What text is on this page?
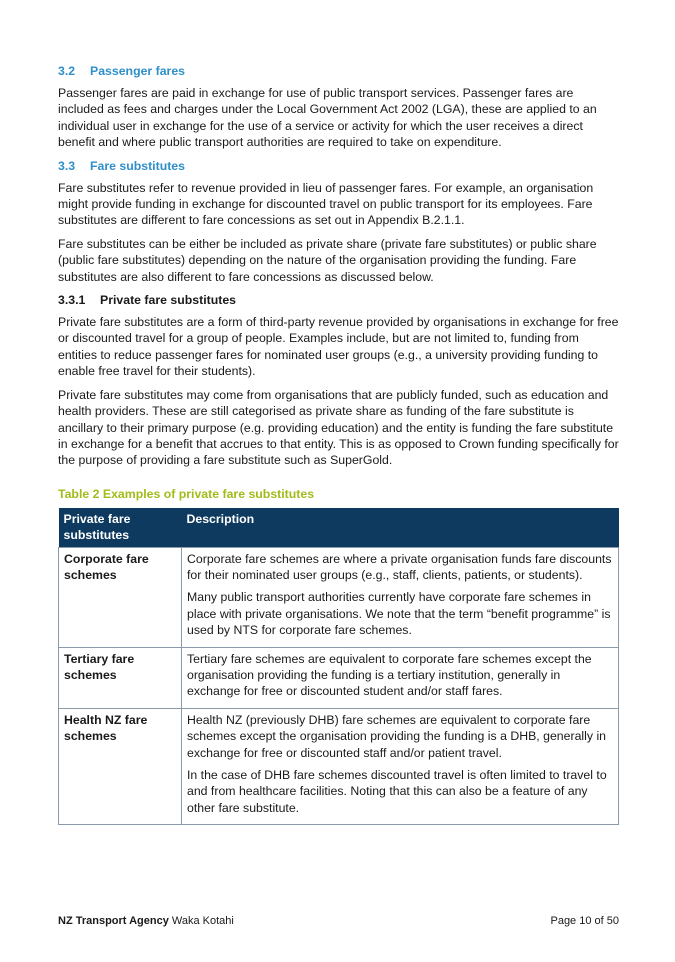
3.2 Passenger fares

Passenger fares are paid in exchange for use of public transport services. Passenger fares are included as fees and charges under the Local Government Act 2002 (LGA), these are applied to an individual user in exchange for the use of a service or activity for which the user receives a direct benefit and where public transport authorities are required to take on expenditure.

3.3 Fare substitutes

Fare substitutes refer to revenue provided in lieu of passenger fares. For example, an organisation might provide funding in exchange for discounted travel on public transport for its employees. Fare substitutes are different to fare concessions as set out in Appendix B.2.1.1.

Fare substitutes can be either be included as private share (private fare substitutes) or public share (public fare substitutes) depending on the nature of the organisation providing the funding. Fare substitutes are also different to fare concessions as discussed below.

3.3.1 Private fare substitutes

Private fare substitutes are a form of third-party revenue provided by organisations in exchange for free or discounted travel for a group of people. Examples include, but are not limited to, funding from entities to reduce passenger fares for nominated user groups (e.g., a university providing funding to enable free travel for their students).

Private fare substitutes may come from organisations that are publicly funded, such as education and health providers. These are still categorised as private share as funding of the fare substitute is ancillary to their primary purpose (e.g. providing education) and the entity is funding the fare substitute in exchange for a benefit that accrues to that entity. This is as opposed to Crown funding specifically for the purpose of providing a fare substitute such as SuperGold.

Table 2 Examples of private fare substitutes
Private fare substitutes	Description
Corporate fare schemes	Corporate fare schemes are where a private organisation funds fare discounts for their nominated user groups (e.g., staff, clients, patients, or students).

Many public transport authorities currently have corporate fare schemes in place with private organisations. We note that the term “benefit programme” is used by NTS for corporate fare schemes.

Tertiary fare schemes	Tertiary fare schemes are equivalent to corporate fare schemes except the organisation providing the funding is a tertiary institution, generally in exchange for free or discounted student and/or staff fares.

Health NZ fare schemes	Health NZ (previously DHB) fare schemes are equivalent to corporate fare schemes except the organisation providing the funding is a DHB, generally in exchange for free or discounted staff and/or patient travel.

In the case of DHB fare schemes discounted travel is often limited to travel to and from healthcare facilities. Noting that this can also be a feature of any other fare substitute.

NZ Transport Agency Waka Kotahi	Page 10 of 50
